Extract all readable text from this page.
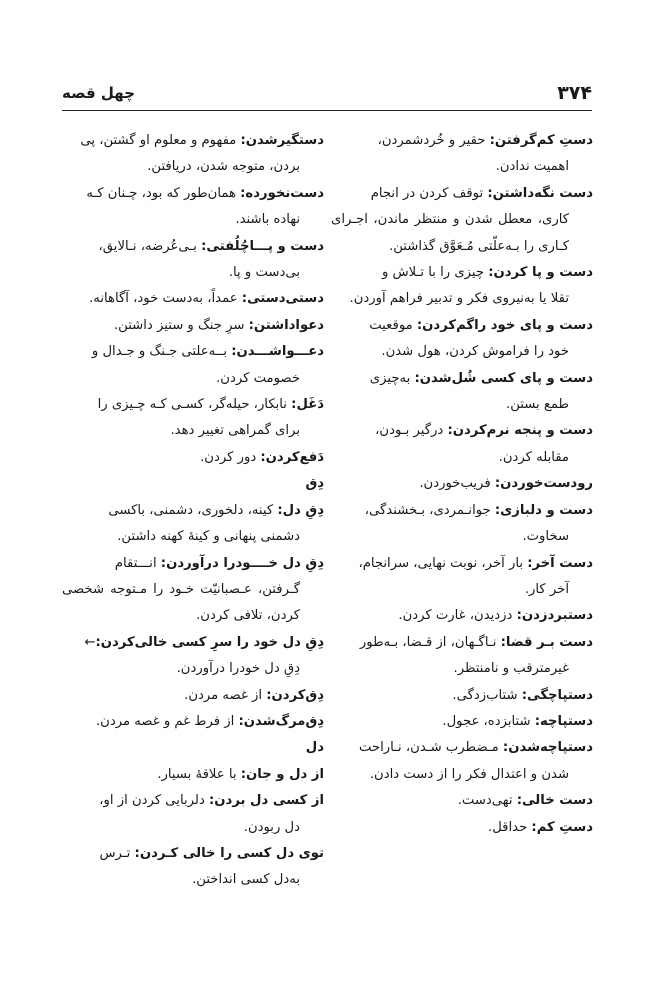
۳۷۴
چهل قصه

دستِ کم‌گرفتن: حقیر و خُردشمردن،
اهمیت ندادن.

دست نگه‌داشتن: توقف کردن در انجام
کاری، معطل شدن و منتظر ماندن، اجـرای کـاری را بـه‌علّتی مُـعَوَّق گذاشتن.

دست و پا کردن: چیزی را با تـلاش و
تقلا یا به‌نیروی فکر و تدبیر فراهم آوردن.

دست و پای خود راگم‌کردن: موقعیت
خود را فراموش کردن، هول شدن.

دست و پای کسی شُل‌شدن: به‌چیزی
طمع بستن.

دست و پنجه نرم‌کردن: درگیر بـودن،
مقابله کردن.

رودست‌خوردن: فریب‌خوردن.

دست و دلبازی: جوانـمردی، بـخشندگی،
سخاوت.

دست آخر: بار آخر، نوبت نهایی، سرانجام،
آخر کار.

دستبردزدن: دزدیدن، غارت کردن.

دست بـر قضا: نـاگـهان، از قـضا، بـه‌طور
غیرمترقب و نامنتظر.

دستپاچگی: شتاب‌زدگی.

دستپاچه: شتابزده، عجول.

دستپاچه‌شدن: مـضطرب شـدن، نـاراحت
شدن و اعتدال فکر را از دست دادن.

دست خالی: تهی‌دست.

دستِ کم: حداقل.

دستگیر‌شدن: مفهوم و معلوم او گشتن، پی
بردن، متوجه شدن، دریافتن.

دست‌نخورده: همان‌طور که بود، چـنان کـه
نهاده باشند.

دست و پـــاچُلُفتی: بـی‌عُرضه، نـالایق،
بی‌دست و پا.

دستی‌دستی: عمداً، به‌دست خود، آگاهانه.

دعواداشتن: سرِ جنگ و ستیز داشتن.

دعـــواشـــدن: بــه‌علتی جـنگ و جـدال و
خصومت کردن.

دَغَل: نابکار، حیله‌گر، کسـی کـه چـیزی را
برای گمراهی تغییر دهد.

دَفع‌کردن: دور کردن.

دِق

دِقِ دل: کینه، دلخوری، دشمنی، باکسی
دشمنی پنهانی و کینهٔ کهنه داشتن.

دِقِ دل خــــود‌را درآوردن: انـــتقام
گـرفتن، عـصبانیّت خـود را مـتوجه شخصی کردن، تلافی کردن.

دِقِ دل خود را سرِ کسی خالی‌کردن:←
دِقِ دل خود‌را درآوردن.

دِق‌کردن: از غصه مردن.

دِق‌مرگ‌شدن: از فرط غم و غصه مردن.

دل

از دل و جان: با علاقهٔ بسیار.

از کسی دل بردن: دلربایی کردن از او،
دل ربودن.

توی دل کسی را خالی کـردن: تـرس
به‌دل کسی انداختن.
